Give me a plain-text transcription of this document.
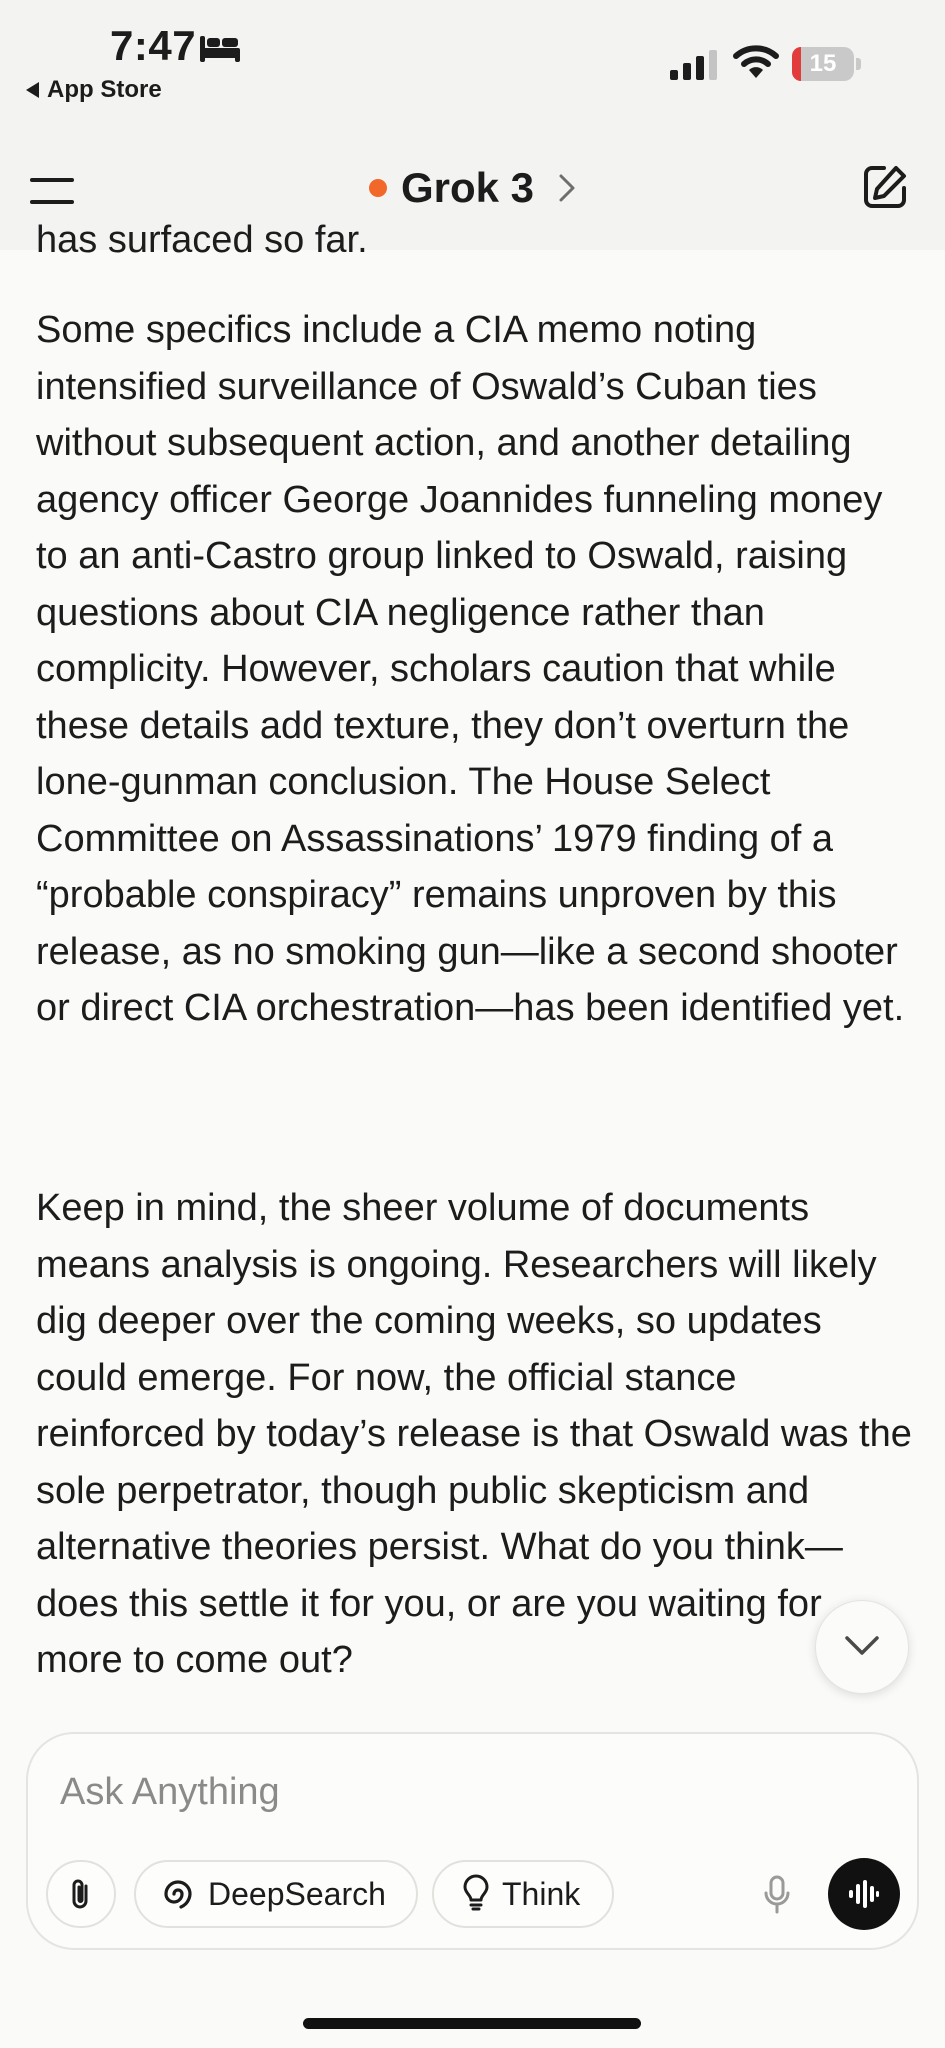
7:47
App Store
15
Grok 3
has surfaced so far.

Some specifics include a CIA memo noting intensified surveillance of Oswald’s Cuban ties without subsequent action, and another detailing agency officer George Joannides funneling money to an anti-Castro group linked to Oswald, raising questions about CIA negligence rather than complicity. However, scholars caution that while these details add texture, they don’t overturn the lone-gunman conclusion. The House Select Committee on Assassinations’ 1979 finding of a “probable conspiracy” remains unproven by this release, as no smoking gun—like a second shooter or direct CIA orchestration—has been identified yet.

Keep in mind, the sheer volume of documents means analysis is ongoing. Researchers will likely dig deeper over the coming weeks, so updates could emerge. For now, the official stance reinforced by today’s release is that Oswald was the sole perpetrator, though public skepticism and alternative theories persist. What do you think—does this settle it for you, or are you waiting for more to come out?

Ask Anything
DeepSearch	Think
